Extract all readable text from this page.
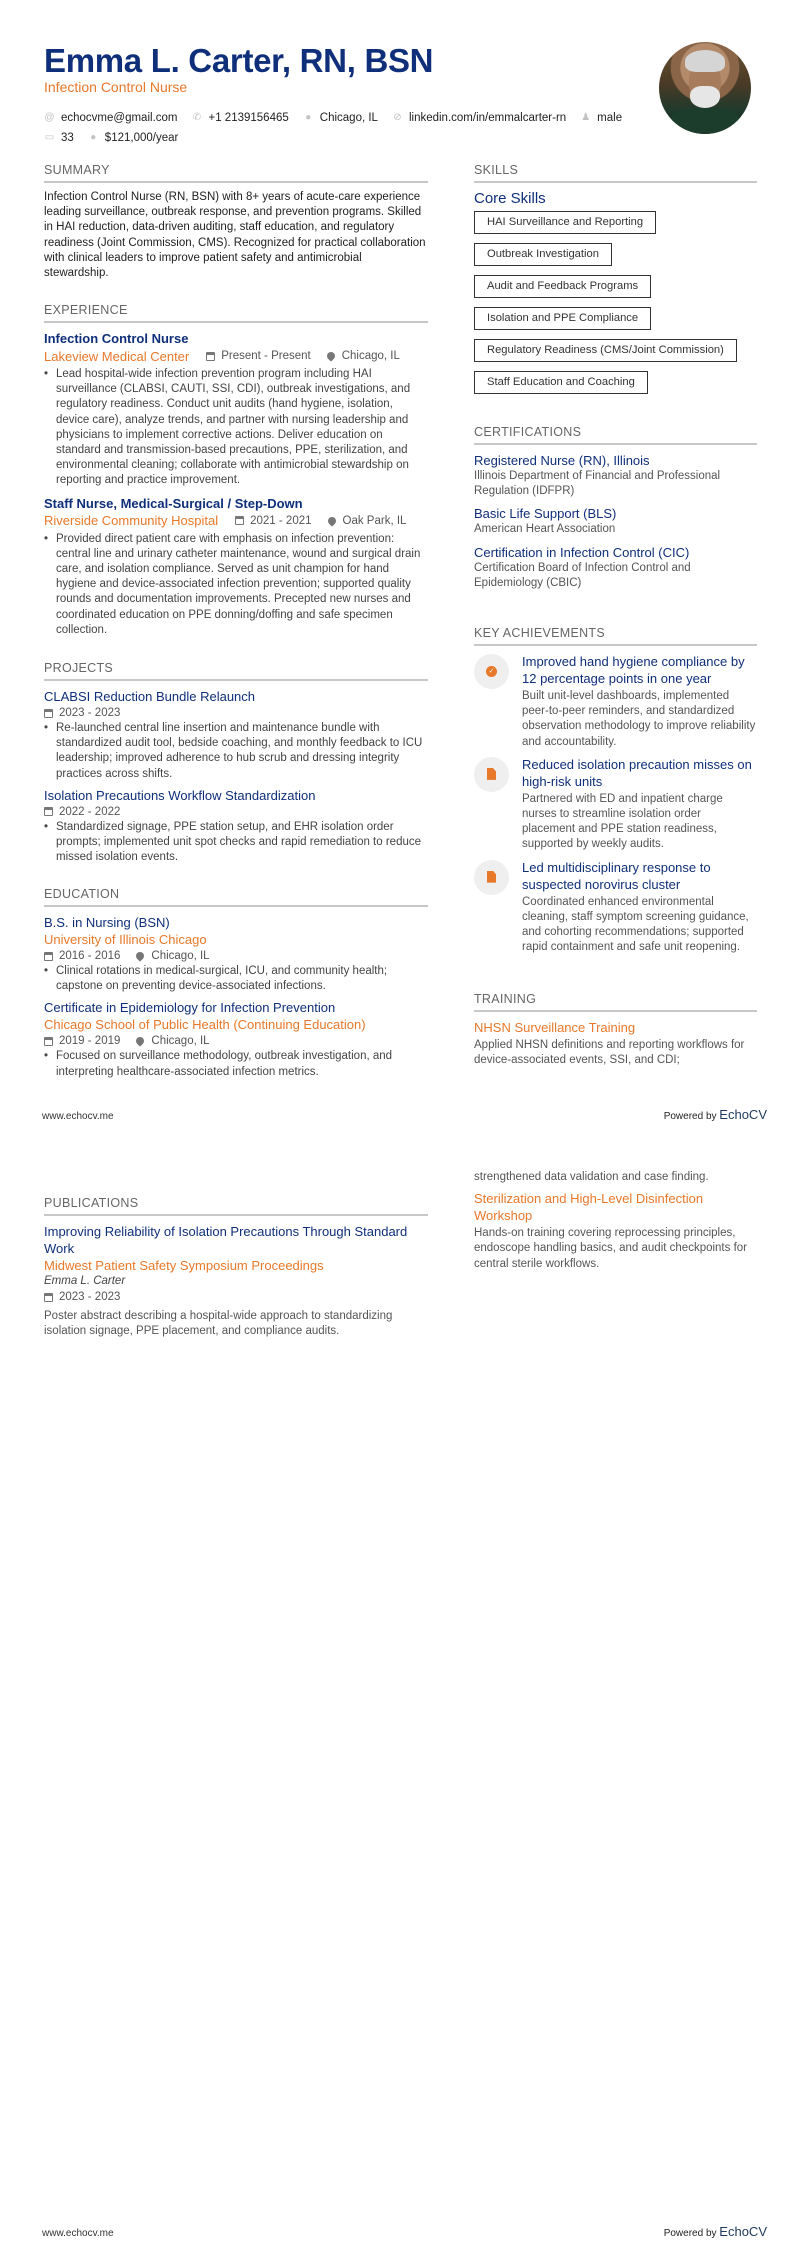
Emma L. Carter, RN, BSN
Infection Control Nurse
@ echocvme@gmail.com ✆ +1 2139156465 ● Chicago, IL ⊘ linkedin.com/in/emmalcarter-rn ♟ male
▭ 33 ● $121,000/year
SUMMARY
Infection Control Nurse (RN, BSN) with 8+ years of acute-care experience leading surveillance, outbreak response, and prevention programs. Skilled in HAI reduction, data-driven auditing, staff education, and regulatory readiness (Joint Commission, CMS). Recognized for practical collaboration with clinical leaders to improve patient safety and antimicrobial stewardship.
EXPERIENCE
Infection Control Nurse
Lakeview Medical Center	Present - Present	Chicago, IL
• Lead hospital-wide infection prevention program including HAI surveillance (CLABSI, CAUTI, SSI, CDI), outbreak investigations, and regulatory readiness. Conduct unit audits (hand hygiene, isolation, device care), analyze trends, and partner with nursing leadership and physicians to implement corrective actions. Deliver education on standard and transmission-based precautions, PPE, sterilization, and environmental cleaning; collaborate with antimicrobial stewardship on reporting and practice improvement.
Staff Nurse, Medical-Surgical / Step-Down
Riverside Community Hospital	2021 - 2021	Oak Park, IL
• Provided direct patient care with emphasis on infection prevention: central line and urinary catheter maintenance, wound and surgical drain care, and isolation compliance. Served as unit champion for hand hygiene and device-associated infection prevention; supported quality rounds and documentation improvements. Precepted new nurses and coordinated education on PPE donning/doffing and safe specimen collection.
PROJECTS
CLABSI Reduction Bundle Relaunch
2023 - 2023
• Re-launched central line insertion and maintenance bundle with standardized audit tool, bedside coaching, and monthly feedback to ICU leadership; improved adherence to hub scrub and dressing integrity practices across shifts.
Isolation Precautions Workflow Standardization
2022 - 2022
• Standardized signage, PPE station setup, and EHR isolation order prompts; implemented unit spot checks and rapid remediation to reduce missed isolation events.
EDUCATION
B.S. in Nursing (BSN)
University of Illinois Chicago
2016 - 2016	Chicago, IL
• Clinical rotations in medical-surgical, ICU, and community health; capstone on preventing device-associated infections.
Certificate in Epidemiology for Infection Prevention
Chicago School of Public Health (Continuing Education)
2019 - 2019	Chicago, IL
• Focused on surveillance methodology, outbreak investigation, and interpreting healthcare-associated infection metrics.
SKILLS
Core Skills
HAI Surveillance and Reporting
Outbreak Investigation
Audit and Feedback Programs
Isolation and PPE Compliance
Regulatory Readiness (CMS/Joint Commission)
Staff Education and Coaching
CERTIFICATIONS
Registered Nurse (RN), Illinois
Illinois Department of Financial and Professional Regulation (IDFPR)
Basic Life Support (BLS)
American Heart Association
Certification in Infection Control (CIC)
Certification Board of Infection Control and Epidemiology (CBIC)
KEY ACHIEVEMENTS
✓
Improved hand hygiene compliance by 12 percentage points in one year
Built unit-level dashboards, implemented peer-to-peer reminders, and standardized observation methodology to improve reliability and accountability.
Reduced isolation precaution misses on high-risk units
Partnered with ED and inpatient charge nurses to streamline isolation order placement and PPE station readiness, supported by weekly audits.
Led multidisciplinary response to suspected norovirus cluster
Coordinated enhanced environmental cleaning, staff symptom screening guidance, and cohorting recommendations; supported rapid containment and safe unit reopening.
TRAINING
NHSN Surveillance Training
Applied NHSN definitions and reporting workflows for device-associated events, SSI, and CDI;
www.echocv.me	Powered by EchoCV
PUBLICATIONS
Improving Reliability of Isolation Precautions Through Standard Work
Midwest Patient Safety Symposium Proceedings
Emma L. Carter
2023 - 2023
Poster abstract describing a hospital-wide approach to standardizing isolation signage, PPE placement, and compliance audits.
strengthened data validation and case finding.
Sterilization and High-Level Disinfection Workshop
Hands-on training covering reprocessing principles, endoscope handling basics, and audit checkpoints for central sterile workflows.
www.echocv.me	Powered by EchoCV
